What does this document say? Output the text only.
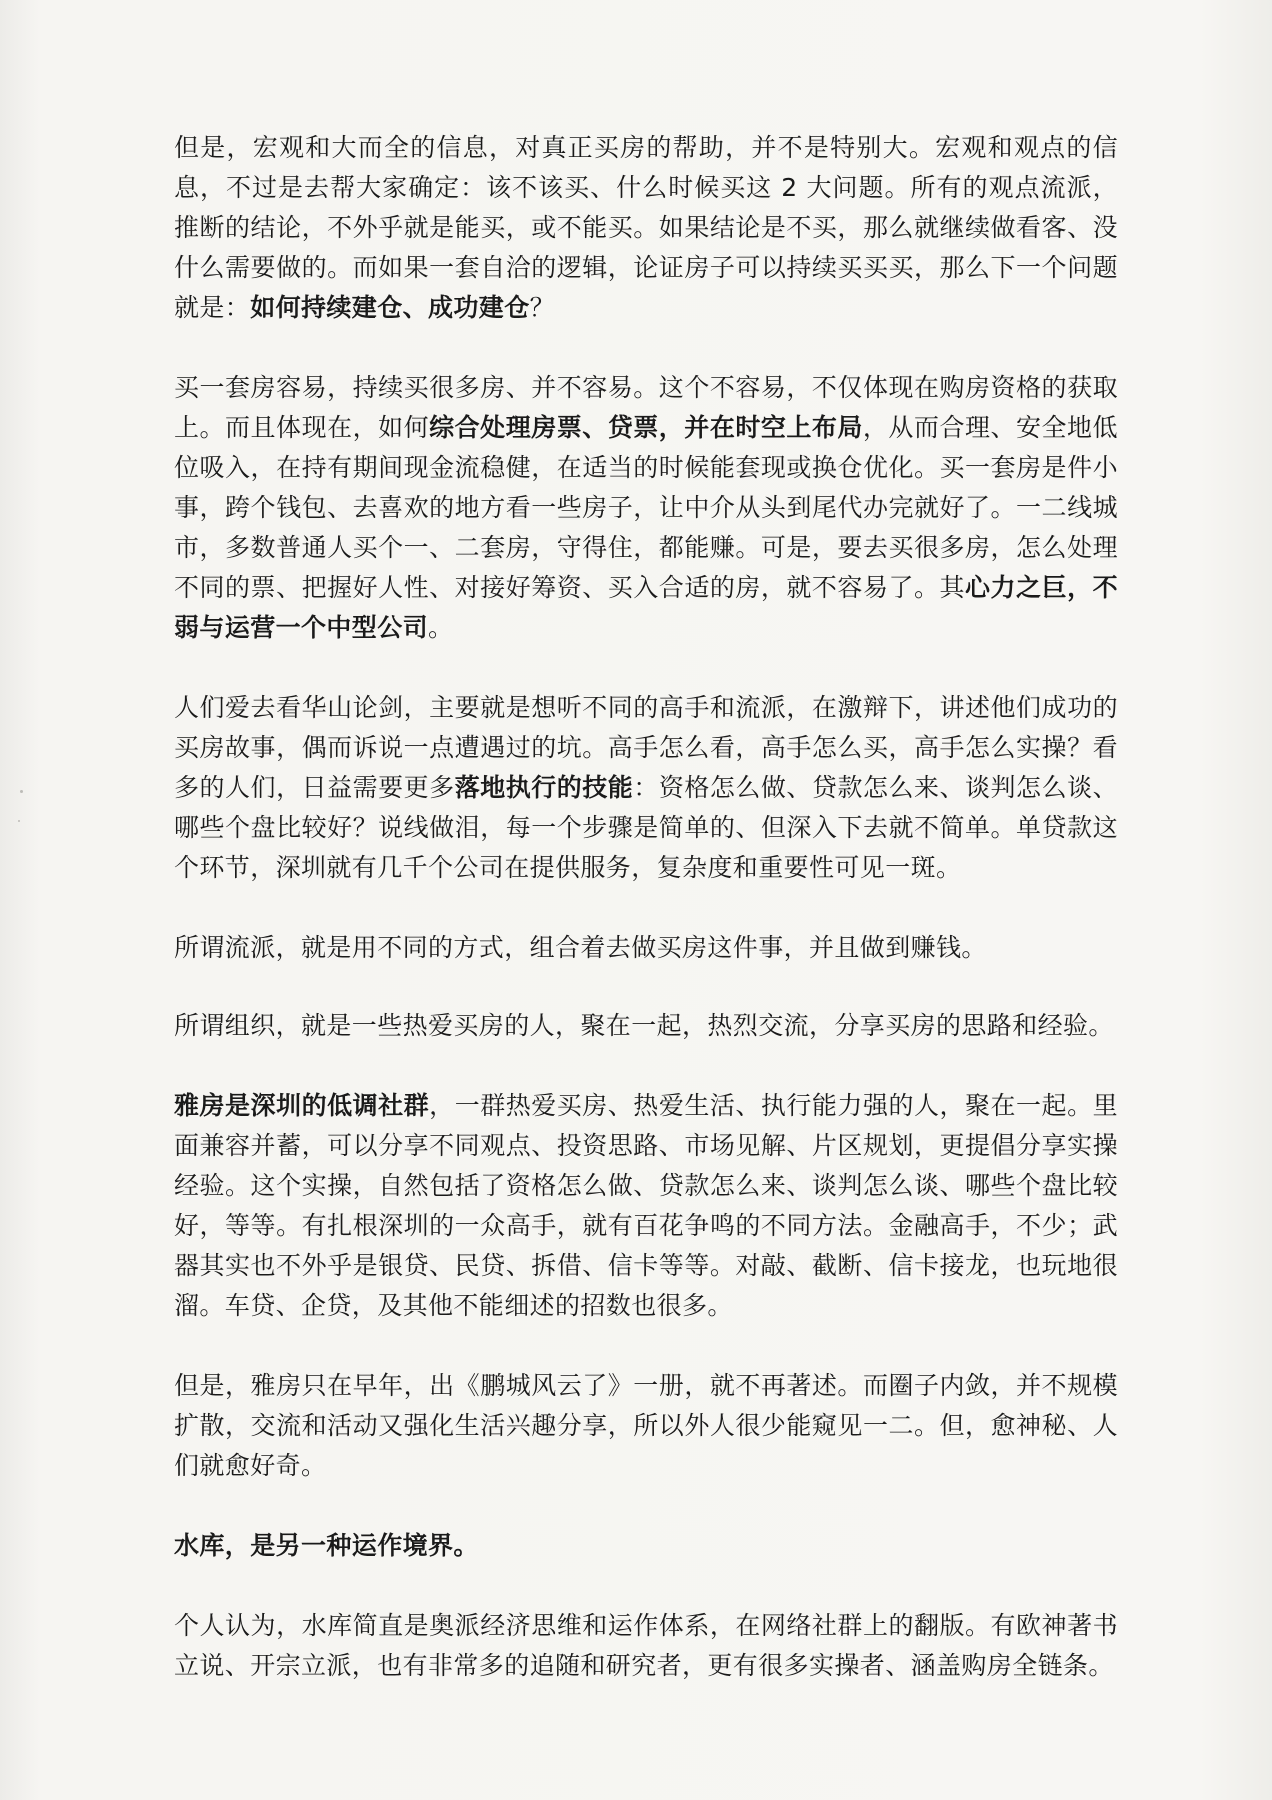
但是，宏观和大而全的信息，对真正买房的帮助，并不是特别大。宏观和观点的信息，不过是去帮大家确定：该不该买、什么时候买这 2 大问题。所有的观点流派，推断的结论，不外乎就是能买，或不能买。如果结论是不买，那么就继续做看客、没什么需要做的。而如果一套自洽的逻辑，论证房子可以持续买买买，那么下一个问题就是：如何持续建仓、成功建仓？

买一套房容易，持续买很多房、并不容易。这个不容易，不仅体现在购房资格的获取上。而且体现在，如何综合处理房票、贷票，并在时空上布局，从而合理、安全地低位吸入，在持有期间现金流稳健，在适当的时候能套现或换仓优化。买一套房是件小事，跨个钱包、去喜欢的地方看一些房子，让中介从头到尾代办完就好了。一二线城市，多数普通人买个一、二套房，守得住，都能赚。可是，要去买很多房，怎么处理不同的票、把握好人性、对接好筹资、买入合适的房，就不容易了。其心力之巨，不弱与运营一个中型公司。

人们爱去看华山论剑，主要就是想听不同的高手和流派，在激辩下，讲述他们成功的买房故事，偶而诉说一点遭遇过的坑。高手怎么看，高手怎么买，高手怎么实操？看多的人们，日益需要更多落地执行的技能：资格怎么做、贷款怎么来、谈判怎么谈、哪些个盘比较好？说线做泪，每一个步骤是简单的、但深入下去就不简单。单贷款这个环节，深圳就有几千个公司在提供服务，复杂度和重要性可见一斑。

所谓流派，就是用不同的方式，组合着去做买房这件事，并且做到赚钱。

所谓组织，就是一些热爱买房的人，聚在一起，热烈交流，分享买房的思路和经验。

雅房是深圳的低调社群，一群热爱买房、热爱生活、执行能力强的人，聚在一起。里面兼容并蓄，可以分享不同观点、投资思路、市场见解、片区规划，更提倡分享实操经验。这个实操，自然包括了资格怎么做、贷款怎么来、谈判怎么谈、哪些个盘比较好，等等。有扎根深圳的一众高手，就有百花争鸣的不同方法。金融高手，不少；武器其实也不外乎是银贷、民贷、拆借、信卡等等。对敲、截断、信卡接龙，也玩地很溜。车贷、企贷，及其他不能细述的招数也很多。

但是，雅房只在早年，出《鹏城风云了》一册，就不再著述。而圈子内敛，并不规模扩散，交流和活动又强化生活兴趣分享，所以外人很少能窥见一二。但，愈神秘、人们就愈好奇。

水库，是另一种运作境界。

个人认为，水库简直是奥派经济思维和运作体系，在网络社群上的翻版。有欧神著书立说、开宗立派，也有非常多的追随和研究者，更有很多实操者、涵盖购房全链条。
